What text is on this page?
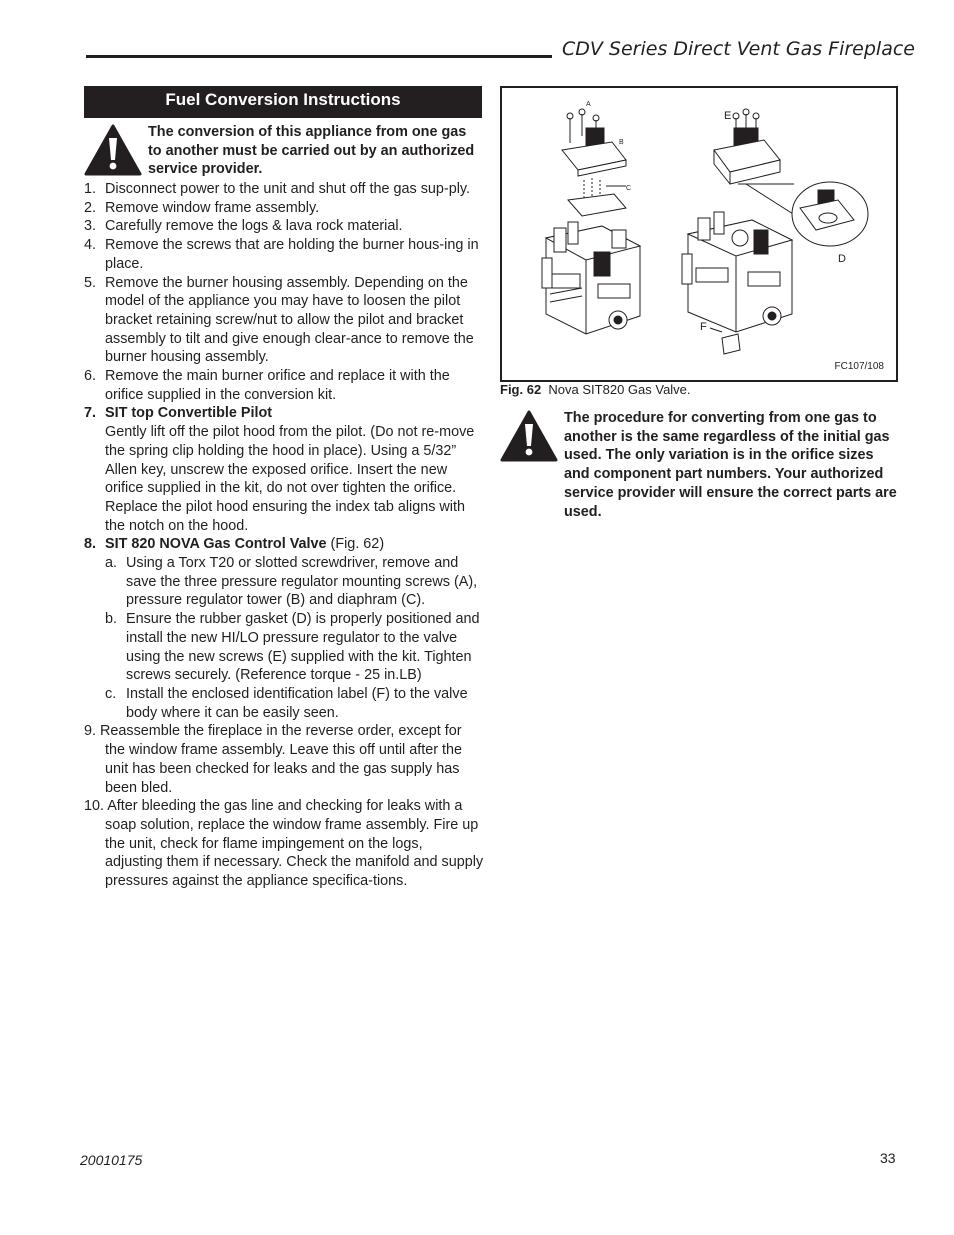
CDV Series Direct Vent Gas Fireplace
Fuel Conversion Instructions
The conversion of this appliance from one gas to another must be carried out by an authorized service provider.
1. Disconnect power to the unit and shut off the gas sup-ply.
2. Remove window frame assembly.
3. Carefully remove the logs & lava rock material.
4. Remove the screws that are holding the burner hous-ing in place.
5. Remove the burner housing assembly. Depending on the model of the appliance you may have to loosen the pilot bracket retaining screw/nut to allow the pilot and bracket assembly to tilt and give enough clear-ance to remove the burner housing assembly.
6. Remove the main burner orifice and replace it with the orifice supplied in the conversion kit.
7. SIT top Convertible Pilot
Gently lift off the pilot hood from the pilot. (Do not re-move the spring clip holding the hood in place). Using a 5/32” Allen key, unscrew the exposed orifice. Insert the new orifice supplied in the kit, do not over tighten the orifice. Replace the pilot hood ensuring the index tab aligns with the notch on the hood.
8. SIT 820 NOVA Gas Control Valve (Fig. 62)
a. Using a Torx T20 or slotted screwdriver, remove and save the three pressure regulator mounting screws (A), pressure regulator tower (B) and diaphram (C).
b. Ensure the rubber gasket (D) is properly positioned and install the new HI/LO pressure regulator to the valve using the new screws (E) supplied with the kit. Tighten screws securely. (Reference torque - 25 in.LB)
c. Install the enclosed identification label (F) to the valve body where it can be easily seen.
9. Reassemble the fireplace in the reverse order, except for the window frame assembly. Leave this off until after the unit has been checked for leaks and the gas supply has been bled.
10. After bleeding the gas line and checking for leaks with a soap solution, replace the window frame assembly. Fire up the unit, check for flame impingement on the logs, adjusting them if necessary. Check the manifold and supply pressures against the appliance specifica-tions.
A
B
C
E
D
F
FC107/108
Fig. 62 Nova SIT820 Gas Valve.
The procedure for converting from one gas to another is the same regardless of the initial gas used. The only variation is in the orifice sizes and component part numbers. Your authorized service provider will ensure the correct parts are used.
20010175	33
